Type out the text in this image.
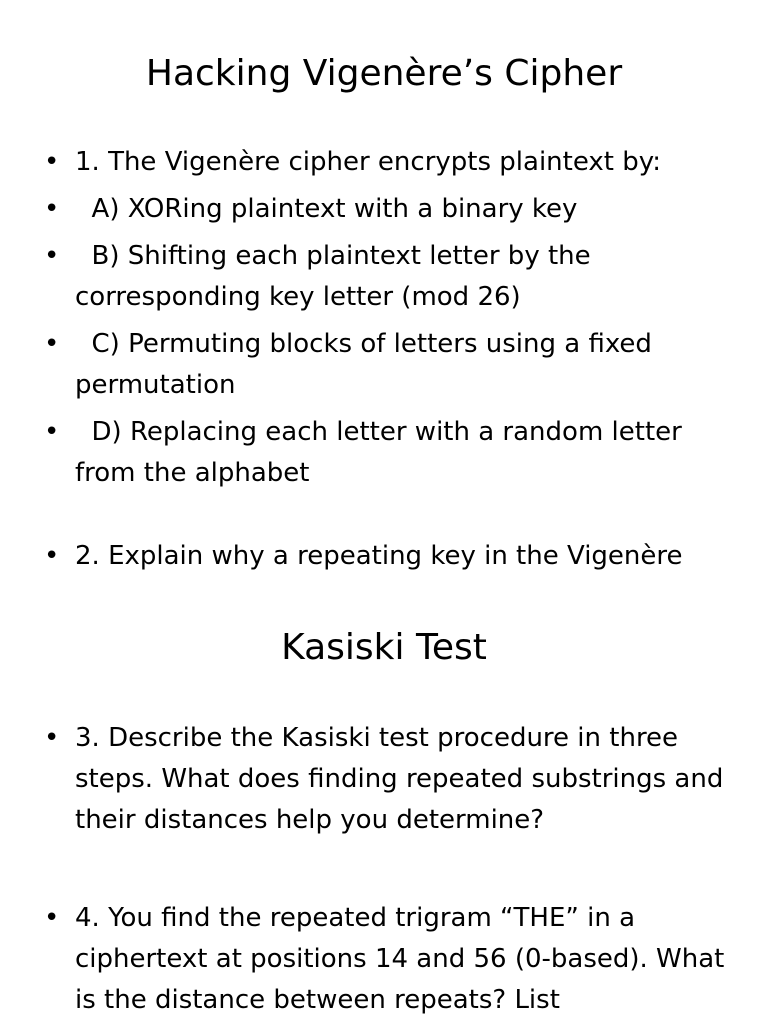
Hacking Vigenère’s Cipher
• 1. The Vigenère cipher encrypts plaintext by:
•   A) XORing plaintext with a binary key
•   B) Shifting each plaintext letter by the corresponding key letter (mod 26)
•   C) Permuting blocks of letters using a fixed permutation
•   D) Replacing each letter with a random letter from the alphabet
• 2. Explain why a repeating key in the Vigenère
Kasiski Test
• 3. Describe the Kasiski test procedure in three steps. What does finding repeated substrings and their distances help you determine?
• 4. You find the repeated trigram “THE” in a ciphertext at positions 14 and 56 (0-based). What is the distance between repeats? List
